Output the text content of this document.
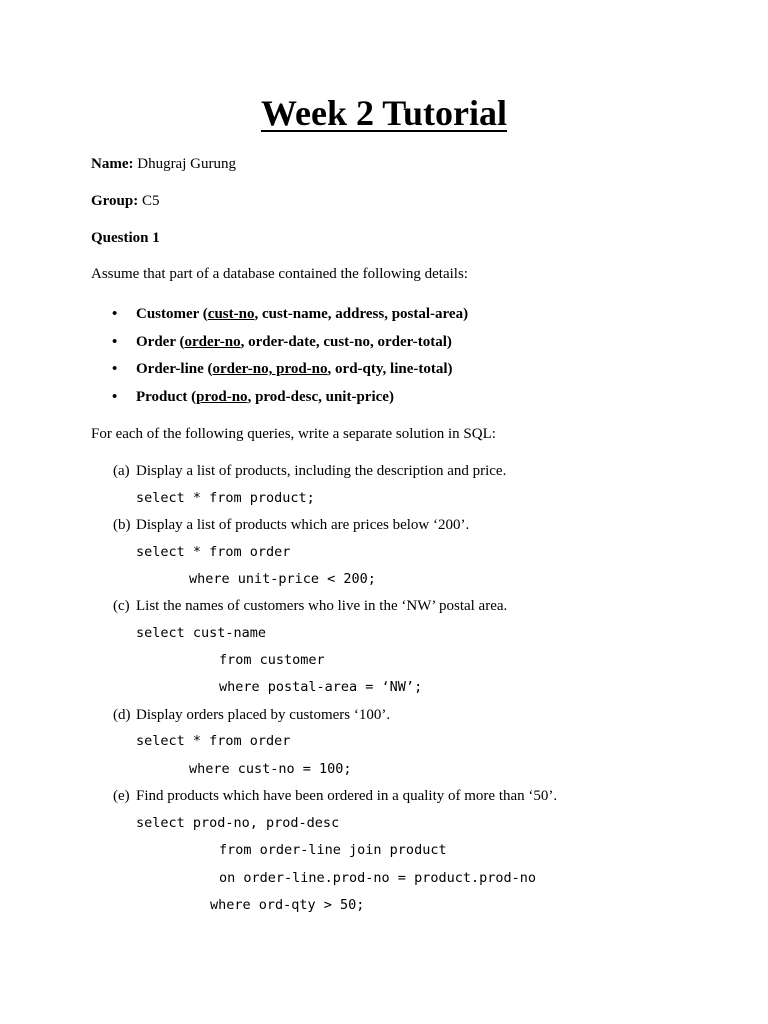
Week 2 Tutorial
Name: Dhugraj Gurung
Group: C5
Question 1
Assume that part of a database contained the following details:
• Customer (cust-no, cust-name, address, postal-area)
• Order (order-no, order-date, cust-no, order-total)
• Order-line (order-no, prod-no, ord-qty, line-total)
• Product (prod-no, prod-desc, unit-price)
For each of the following queries, write a separate solution in SQL:
(a) Display a list of products, including the description and price.
select * from product;
(b) Display a list of products which are prices below ‘200’.
select * from order
where unit-price < 200;
(c) List the names of customers who live in the ‘NW’ postal area.
select cust-name
from customer
where postal-area = ‘NW’;
(d) Display orders placed by customers ‘100’.
select * from order
where cust-no = 100;
(e) Find products which have been ordered in a quality of more than ‘50’.
select prod-no, prod-desc
from order-line join product
on order-line.prod-no = product.prod-no
where ord-qty > 50;
